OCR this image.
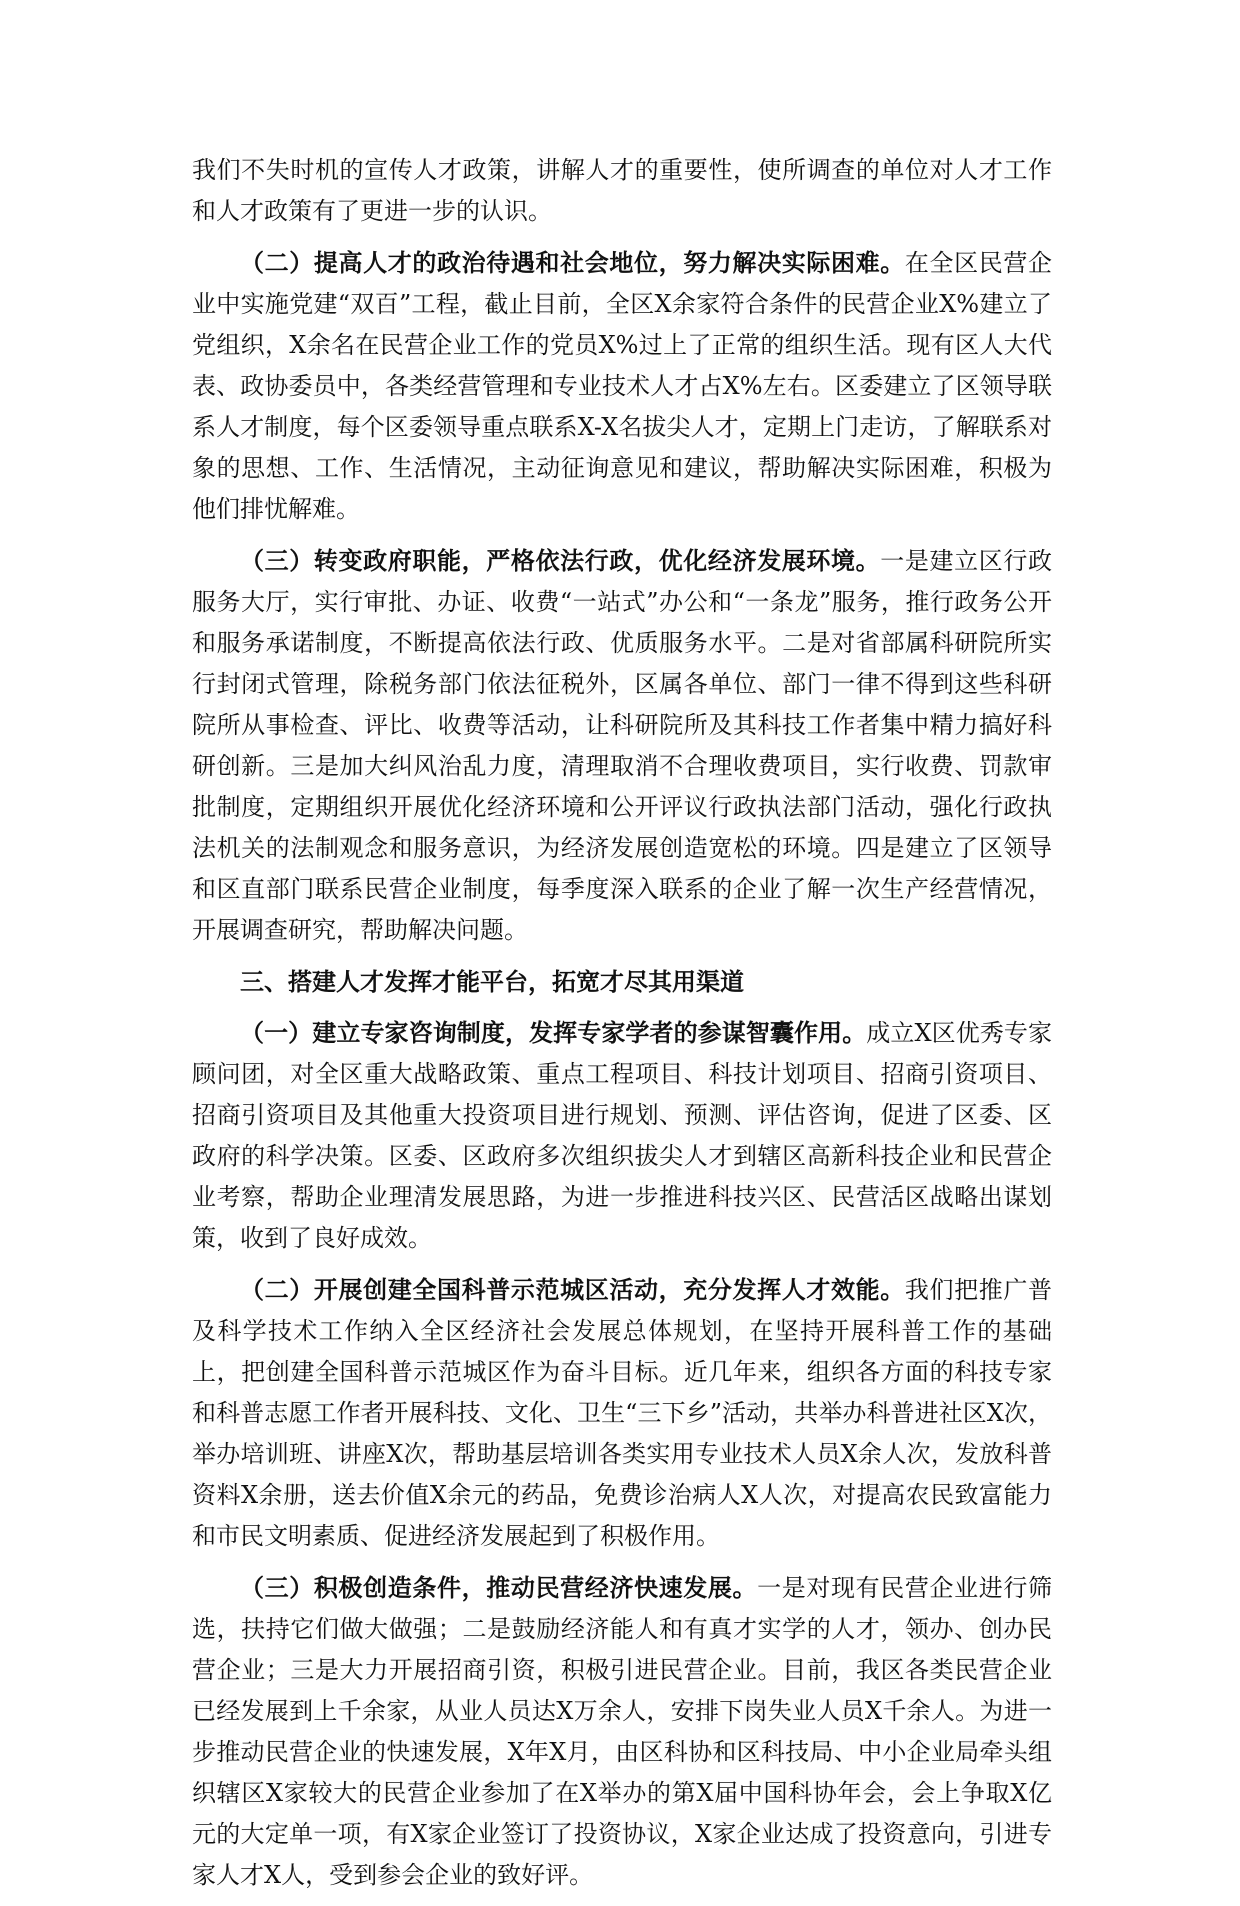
我们不失时机的宣传人才政策，讲解人才的重要性，使所调查的单位对人才工作和人才政策有了更进一步的认识。

（二）提高人才的政治待遇和社会地位，努力解决实际困难。在全区民营企业中实施党建“双百”工程，截止目前，全区X余家符合条件的民营企业X%建立了党组织，X余名在民营企业工作的党员X%过上了正常的组织生活。现有区人大代表、政协委员中，各类经营管理和专业技术人才占X%左右。区委建立了区领导联系人才制度，每个区委领导重点联系X-X名拔尖人才，定期上门走访，了解联系对象的思想、工作、生活情况，主动征询意见和建议，帮助解决实际困难，积极为他们排忧解难。

（三）转变政府职能，严格依法行政，优化经济发展环境。一是建立区行政服务大厅，实行审批、办证、收费“一站式”办公和“一条龙”服务，推行政务公开和服务承诺制度，不断提高依法行政、优质服务水平。二是对省部属科研院所实行封闭式管理，除税务部门依法征税外，区属各单位、部门一律不得到这些科研院所从事检查、评比、收费等活动，让科研院所及其科技工作者集中精力搞好科研创新。三是加大纠风治乱力度，清理取消不合理收费项目，实行收费、罚款审批制度，定期组织开展优化经济环境和公开评议行政执法部门活动，强化行政执法机关的法制观念和服务意识，为经济发展创造宽松的环境。四是建立了区领导和区直部门联系民营企业制度，每季度深入联系的企业了解一次生产经营情况，开展调查研究，帮助解决问题。

三、搭建人才发挥才能平台，拓宽才尽其用渠道

（一）建立专家咨询制度，发挥专家学者的参谋智囊作用。成立X区优秀专家顾问团，对全区重大战略政策、重点工程项目、科技计划项目、招商引资项目、招商引资项目及其他重大投资项目进行规划、预测、评估咨询，促进了区委、区政府的科学决策。区委、区政府多次组织拔尖人才到辖区高新科技企业和民营企业考察，帮助企业理清发展思路，为进一步推进科技兴区、民营活区战略出谋划策，收到了良好成效。

（二）开展创建全国科普示范城区活动，充分发挥人才效能。我们把推广普及科学技术工作纳入全区经济社会发展总体规划，在坚持开展科普工作的基础上，把创建全国科普示范城区作为奋斗目标。近几年来，组织各方面的科技专家和科普志愿工作者开展科技、文化、卫生“三下乡”活动，共举办科普进社区X次，举办培训班、讲座X次，帮助基层培训各类实用专业技术人员X余人次，发放科普资料X余册，送去价值X余元的药品，免费诊治病人X人次，对提高农民致富能力和市民文明素质、促进经济发展起到了积极作用。

（三）积极创造条件，推动民营经济快速发展。一是对现有民营企业进行筛选，扶持它们做大做强；二是鼓励经济能人和有真才实学的人才，领办、创办民营企业；三是大力开展招商引资，积极引进民营企业。目前，我区各类民营企业已经发展到上千余家，从业人员达X万余人，安排下岗失业人员X千余人。为进一步推动民营企业的快速发展，X年X月，由区科协和区科技局、中小企业局牵头组织辖区X家较大的民营企业参加了在X举办的第X届中国科协年会，会上争取X亿元的大定单一项，有X家企业签订了投资协议，X家企业达成了投资意向，引进专家人才X人，受到参会企业的致好评。
